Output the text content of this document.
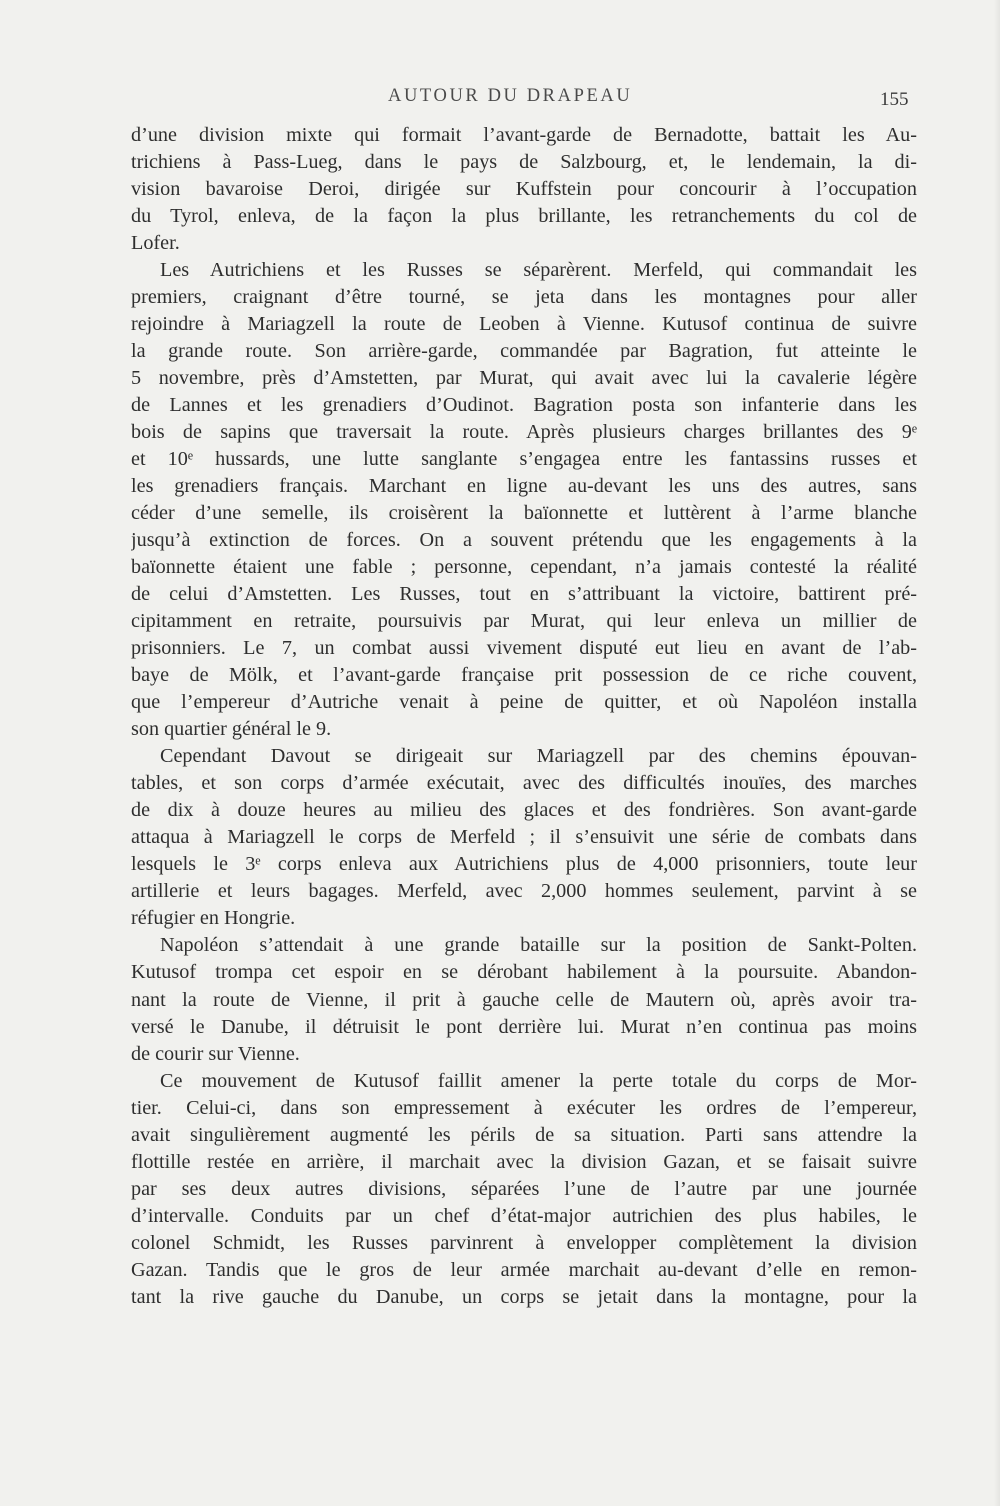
AUTOUR DU DRAPEAU	155
d’une division mixte qui formait l’avant-garde de Bernadotte, battait les Au-
trichiens à Pass-Lueg, dans le pays de Salzbourg, et, le lendemain, la di-
vision bavaroise Deroi, dirigée sur Kuffstein pour concourir à l’occupation
du Tyrol, enleva, de la façon la plus brillante, les retranchements du col de
Lofer.
Les Autrichiens et les Russes se séparèrent. Merfeld, qui commandait les
premiers, craignant d’être tourné, se jeta dans les montagnes pour aller
rejoindre à Mariagzell la route de Leoben à Vienne. Kutusof continua de suivre
la grande route. Son arrière-garde, commandée par Bagration, fut atteinte le
5 novembre, près d’Amstetten, par Murat, qui avait avec lui la cavalerie légère
de Lannes et les grenadiers d’Oudinot. Bagration posta son infanterie dans les
bois de sapins que traversait la route. Après plusieurs charges brillantes des 9ᵉ
et 10ᵉ hussards, une lutte sanglante s’engagea entre les fantassins russes et
les grenadiers français. Marchant en ligne au-devant les uns des autres, sans
céder d’une semelle, ils croisèrent la baïonnette et luttèrent à l’arme blanche
jusqu’à extinction de forces. On a souvent prétendu que les engagements à la
baïonnette étaient une fable ; personne, cependant, n’a jamais contesté la réalité
de celui d’Amstetten. Les Russes, tout en s’attribuant la victoire, battirent pré-
cipitamment en retraite, poursuivis par Murat, qui leur enleva un millier de
prisonniers. Le 7, un combat aussi vivement disputé eut lieu en avant de l’ab-
baye de Mölk, et l’avant-garde française prit possession de ce riche couvent,
que l’empereur d’Autriche venait à peine de quitter, et où Napoléon installa
son quartier général le 9.
Cependant Davout se dirigeait sur Mariagzell par des chemins épouvan-
tables, et son corps d’armée exécutait, avec des difficultés inouïes, des marches
de dix à douze heures au milieu des glaces et des fondrières. Son avant-garde
attaqua à Mariagzell le corps de Merfeld ; il s’ensuivit une série de combats dans
lesquels le 3ᵉ corps enleva aux Autrichiens plus de 4,000 prisonniers, toute leur
artillerie et leurs bagages. Merfeld, avec 2,000 hommes seulement, parvint à se
réfugier en Hongrie.
Napoléon s’attendait à une grande bataille sur la position de Sankt-Polten.
Kutusof trompa cet espoir en se dérobant habilement à la poursuite. Abandon-
nant la route de Vienne, il prit à gauche celle de Mautern où, après avoir tra-
versé le Danube, il détruisit le pont derrière lui. Murat n’en continua pas moins
de courir sur Vienne.
Ce mouvement de Kutusof faillit amener la perte totale du corps de Mor-
tier. Celui-ci, dans son empressement à exécuter les ordres de l’empereur,
avait singulièrement augmenté les périls de sa situation. Parti sans attendre la
flottille restée en arrière, il marchait avec la division Gazan, et se faisait suivre
par ses deux autres divisions, séparées l’une de l’autre par une journée
d’intervalle. Conduits par un chef d’état-major autrichien des plus habiles, le
colonel Schmidt, les Russes parvinrent à envelopper complètement la division
Gazan. Tandis que le gros de leur armée marchait au-devant d’elle en remon-
tant la rive gauche du Danube, un corps se jetait dans la montagne, pour la
